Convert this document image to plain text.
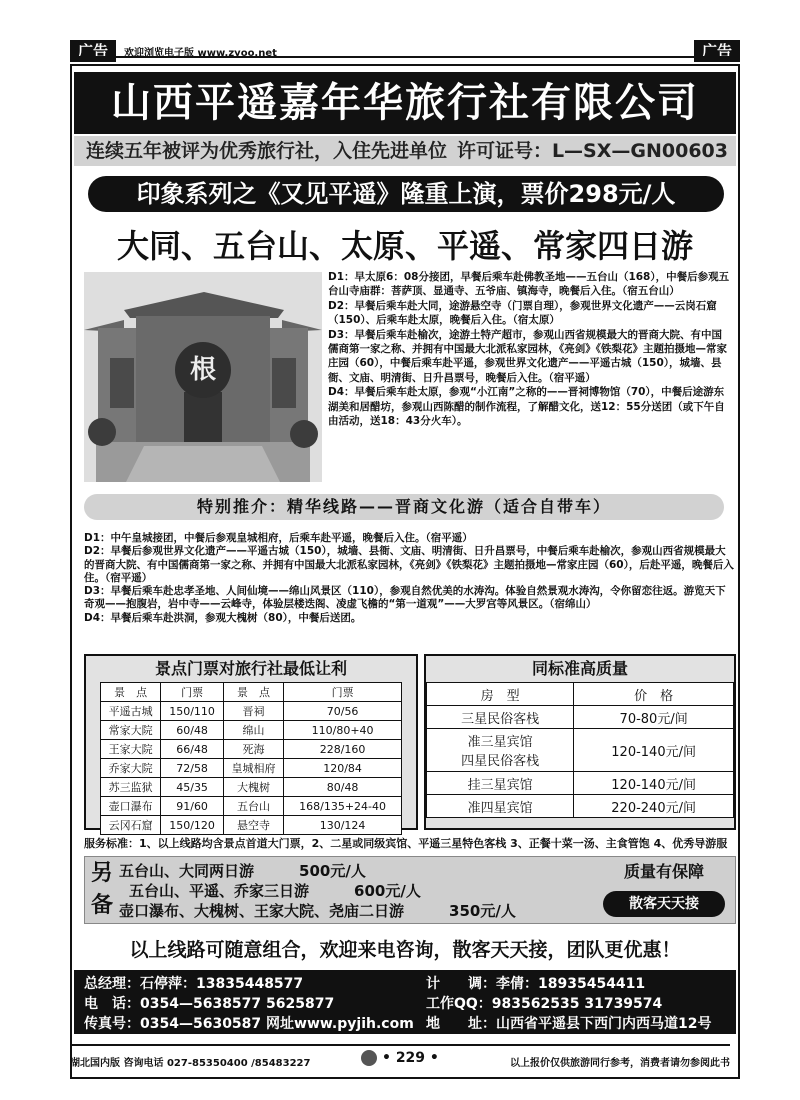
广告	欢迎浏览电子版 www.zyoo.net	广告
山西平遥嘉年华旅行社有限公司
连续五年被评为优秀旅行社，入住先进单位 许可证号：L—SX—GN00603
印象系列之《又见平遥》隆重上演，票价298元/人
大同、五台山、太原、平遥、常家四日游
根

D1：早太原6：08分接团，早餐后乘车赴佛教圣地——五台山（168），中餐后参观五台山寺庙群：菩萨顶、显通寺、五爷庙、镇海寺，晚餐后入住。（宿五台山）

D2：早餐后乘车赴大同，途游悬空寺（门票自理），参观世界文化遗产——云岗石窟（150）、后乘车赴太原，晚餐后入住。（宿太原）

D3：早餐后乘车赴榆次，途游土特产超市，参观山西省规模最大的晋商大院、有中国儒商第一家之称、并拥有中国最大北派私家园林，《亮剑》《铁梨花》主题拍摄地—常家庄园（60），中餐后乘车赴平遥，参观世界文化遗产——平遥古城（150），城墙、县衙、文庙、明清街、日升昌票号，晚餐后入住。（宿平遥）

D4：早餐后乘车赴太原，参观“小江南”之称的——晋祠博物馆（70），中餐后途游东湖美和居醋坊，参观山西陈醋的制作流程，了解醋文化，送12：55分送团（或下午自由活动，送18：43分火车）。

特别推介：精华线路——晋商文化游（适合自带车）

D1：中午皇城接团，中餐后参观皇城相府，后乘车赴平遥，晚餐后入住。（宿平遥）

D2：早餐后参观世界文化遗产——平遥古城（150），城墙、县衙、文庙、明清街、日升昌票号，中餐后乘车赴榆次，参观山西省规模最大的晋商大院、有中国儒商第一家之称、并拥有中国最大北派私家园林，《亮剑》《铁梨花》主题拍摄地—常家庄园（60），后赴平遥，晚餐后入住。（宿平遥）

D3：早餐后乘车赴忠孝圣地、人间仙境——绵山风景区（110），参观自然优美的水涛沟。体验自然景观水涛沟，令你留恋往返。游览天下奇观——抱腹岩，岩中寺——云峰寺，体验层楼迭阁、凌虚飞檐的“第一道观”——大罗宫等风景区。（宿绵山）

D4：早餐后乘车赴洪洞，参观大槐树（80），中餐后送团。

景点门票对旅行社最低让利
景　点	门票	景　点	门票
平遥古城	150/110	晋祠	70/56
常家大院	60/48	绵山	110/80+40
王家大院	66/48	死海	228/160
乔家大院	72/58	皇城相府	120/84
苏三监狱	45/35	大槐树	80/48
壶口瀑布	91/60	五台山	168/135+24-40
云冈石窟	150/120	悬空寺	130/124
同标准高质量
房　型	价　格
三星民俗客栈	70-80元/间
准三星宾馆
四星民俗客栈	120-140元/间
挂三星宾馆	120-140元/间
准四星宾馆	220-240元/间
服务标准：1、以上线路均含景点首道大门票，2、二星或同级宾馆、平遥三星特色客栈 3、正餐十菜一汤、主食管饱 4、优秀导游服
另
备
五台山、大同两日游　　　	500元/人
五台山、平遥、乔家三日游　　　	600元/人
壶口瀑布、大槐树、王家大院、尧庙二日游　　　	350元/人
质量有保障
散客天天接
以上线路可随意组合，欢迎来电咨询，散客天天接，团队更优惠！
总经理：石停萍：13835448577	计　　调：李倩：18935454411
电　话：0354—5638577 5625877	工作QQ：983562535 31739574
传真号：0354—5630587 网址www.pyjih.com 地　　址：山西省平遥县下西门内西马道12号
湖北国内版 咨询电话 027-85350400 /85483227	• 229 •	以上报价仅供旅游同行参考，消费者请勿参阅此书
